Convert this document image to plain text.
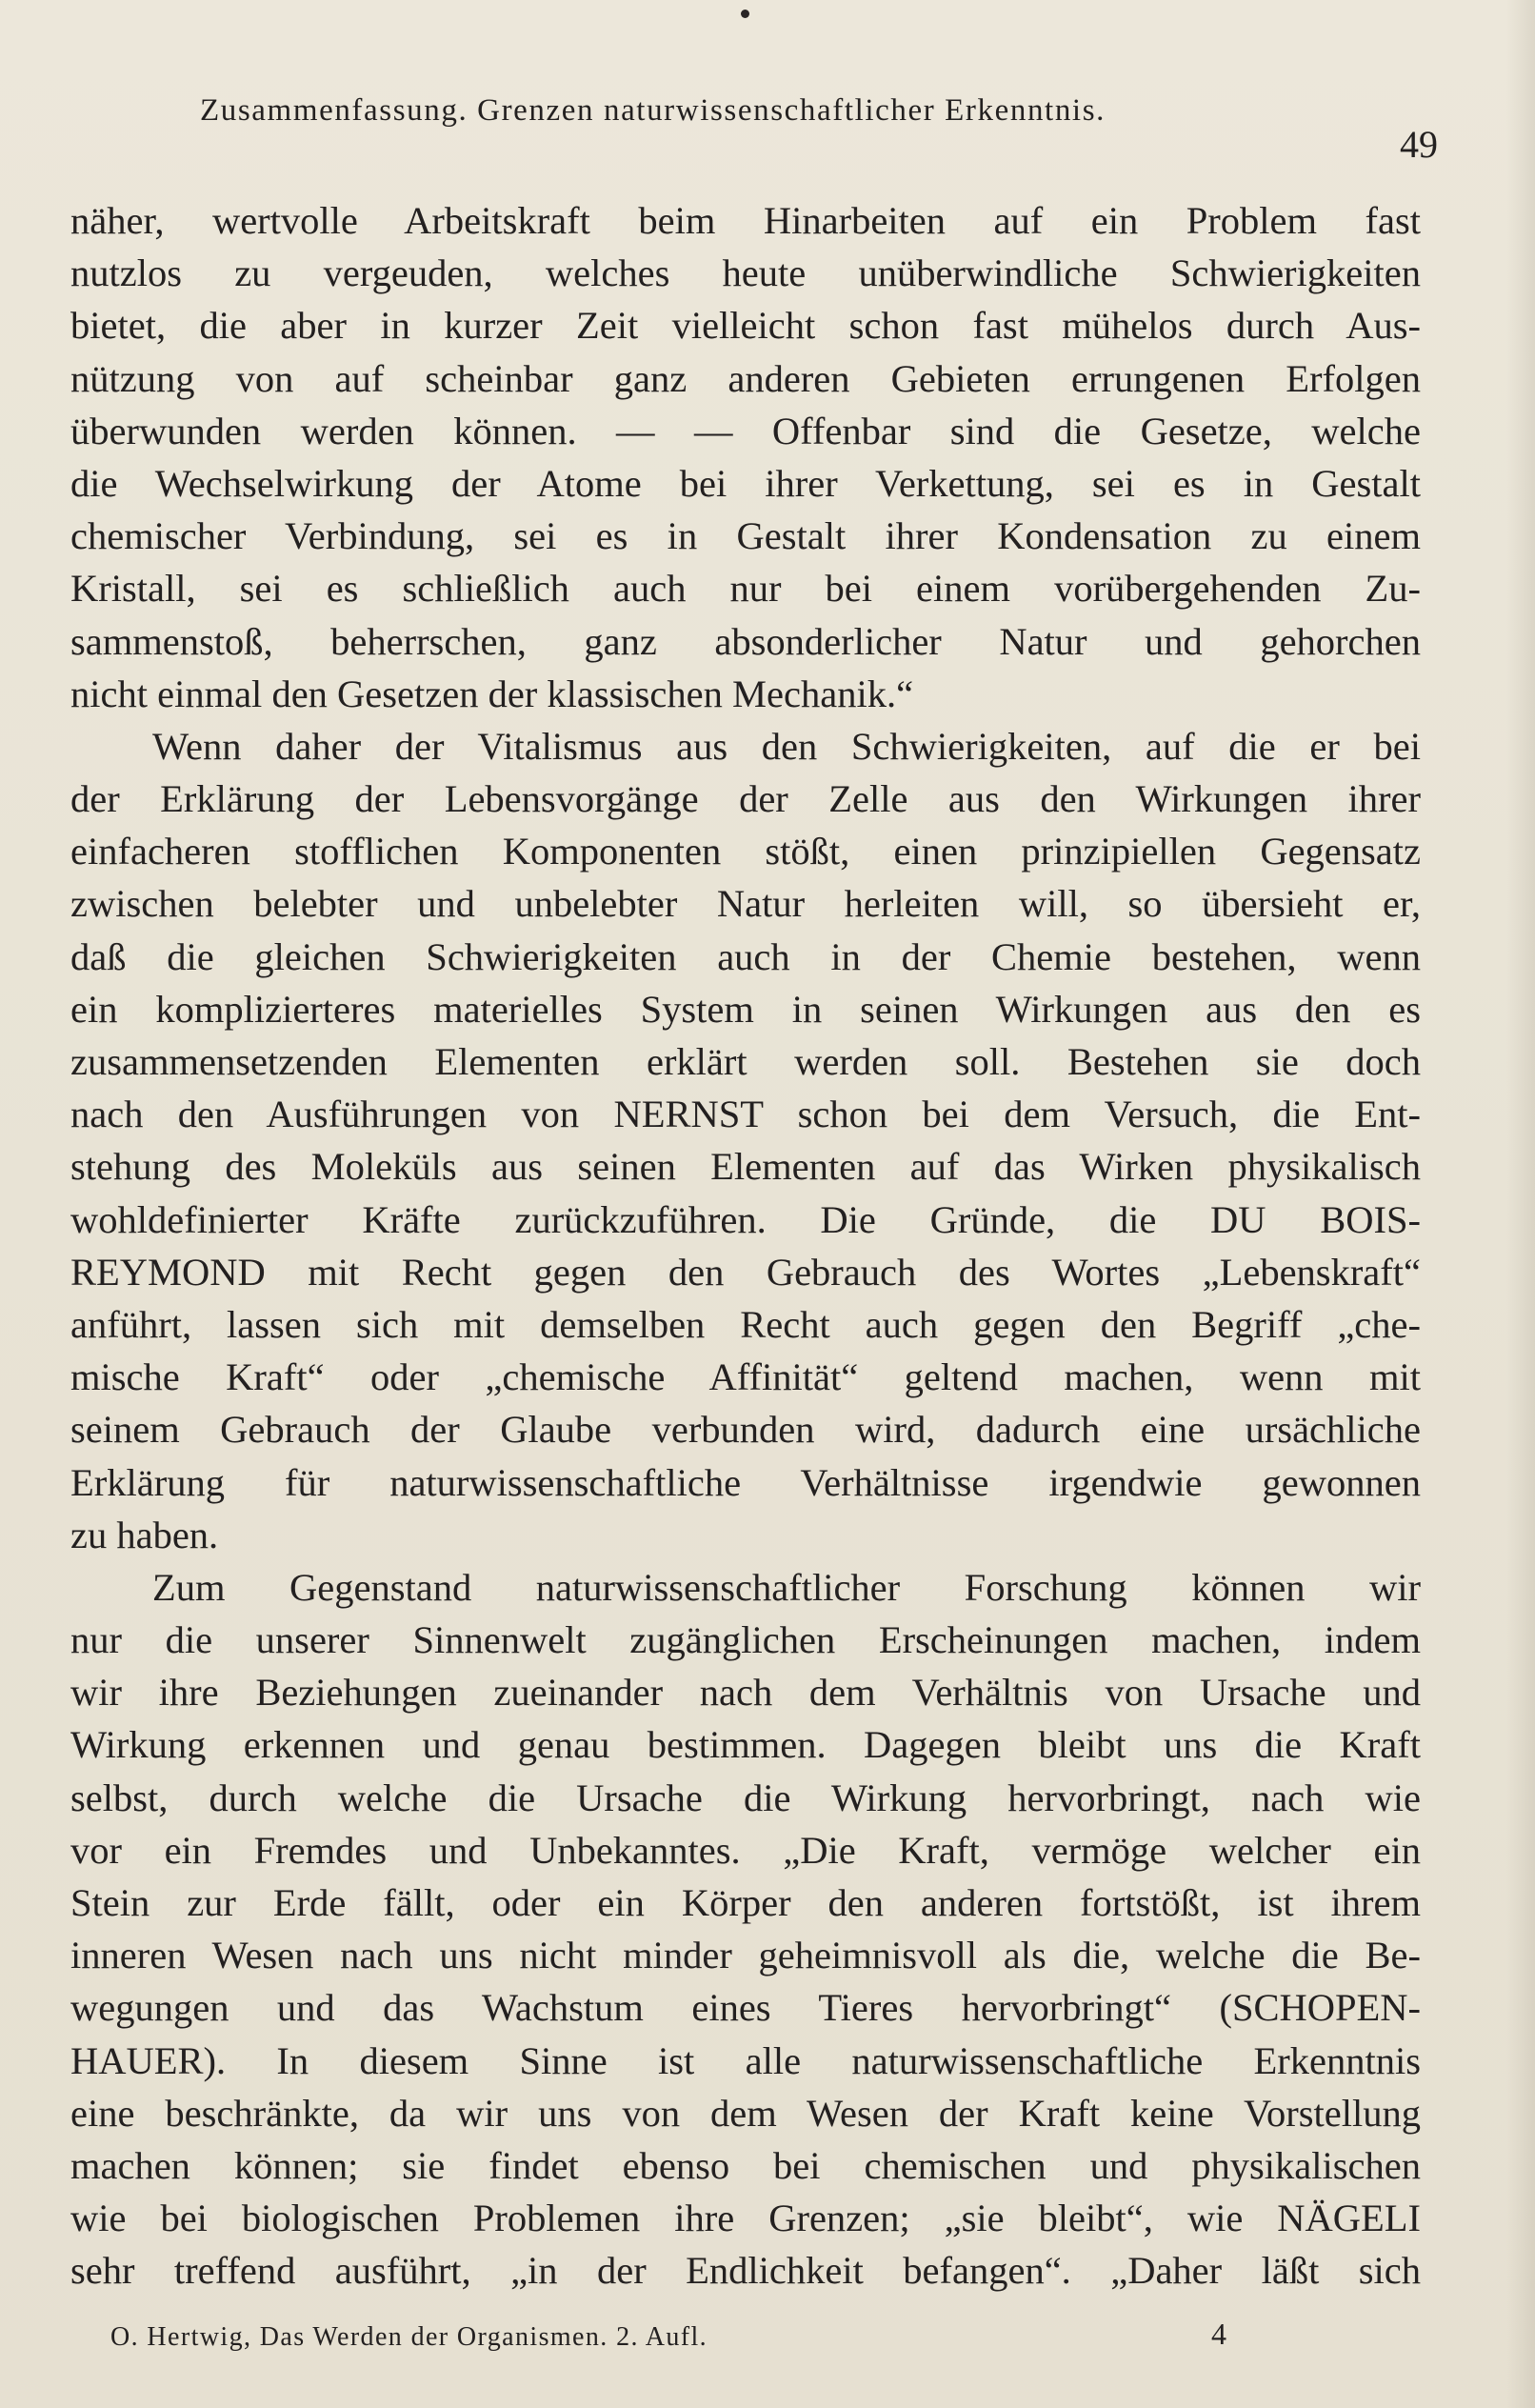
Zusammenfassung. Grenzen naturwissenschaftlicher Erkenntnis.
49

näher, wertvolle Arbeitskraft beim Hinarbeiten auf ein Problem fast
nutzlos zu vergeuden, welches heute unüberwindliche Schwierigkeiten
bietet, die aber in kurzer Zeit vielleicht schon fast mühelos durch Aus-
nützung von auf scheinbar ganz anderen Gebieten errungenen Erfolgen
überwunden werden können. — — Offenbar sind die Gesetze, welche
die Wechselwirkung der Atome bei ihrer Verkettung, sei es in Gestalt
chemischer Verbindung, sei es in Gestalt ihrer Kondensation zu einem
Kristall, sei es schließlich auch nur bei einem vorübergehenden Zu-
sammenstoß, beherrschen, ganz absonderlicher Natur und gehorchen
nicht einmal den Gesetzen der klassischen Mechanik.“

Wenn daher der Vitalismus aus den Schwierigkeiten, auf die er bei
der Erklärung der Lebensvorgänge der Zelle aus den Wirkungen ihrer
einfacheren stofflichen Komponenten stößt, einen prinzipiellen Gegensatz
zwischen belebter und unbelebter Natur herleiten will, so übersieht er,
daß die gleichen Schwierigkeiten auch in der Chemie bestehen, wenn
ein komplizierteres materielles System in seinen Wirkungen aus den es
zusammensetzenden Elementen erklärt werden soll. Bestehen sie doch
nach den Ausführungen von NERNST schon bei dem Versuch, die Ent-
stehung des Moleküls aus seinen Elementen auf das Wirken physikalisch
wohldefinierter Kräfte zurückzuführen. Die Gründe, die DU BOIS-
REYMOND mit Recht gegen den Gebrauch des Wortes „Lebenskraft“
anführt, lassen sich mit demselben Recht auch gegen den Begriff „che-
mische Kraft“ oder „chemische Affinität“ geltend machen, wenn mit
seinem Gebrauch der Glaube verbunden wird, dadurch eine ursächliche
Erklärung für naturwissenschaftliche Verhältnisse irgendwie gewonnen
zu haben.

Zum Gegenstand naturwissenschaftlicher Forschung können wir
nur die unserer Sinnenwelt zugänglichen Erscheinungen machen, indem
wir ihre Beziehungen zueinander nach dem Verhältnis von Ursache und
Wirkung erkennen und genau bestimmen. Dagegen bleibt uns die Kraft
selbst, durch welche die Ursache die Wirkung hervorbringt, nach wie
vor ein Fremdes und Unbekanntes. „Die Kraft, vermöge welcher ein
Stein zur Erde fällt, oder ein Körper den anderen fortstößt, ist ihrem
inneren Wesen nach uns nicht minder geheimnisvoll als die, welche die Be-
wegungen und das Wachstum eines Tieres hervorbringt“ (SCHOPEN-
HAUER). In diesem Sinne ist alle naturwissenschaftliche Erkenntnis
eine beschränkte, da wir uns von dem Wesen der Kraft keine Vorstellung
machen können; sie findet ebenso bei chemischen und physikalischen
wie bei biologischen Problemen ihre Grenzen; „sie bleibt“, wie NÄGELI
sehr treffend ausführt, „in der Endlichkeit befangen“. „Daher läßt sich

O. Hertwig, Das Werden der Organismen. 2. Aufl.	4
